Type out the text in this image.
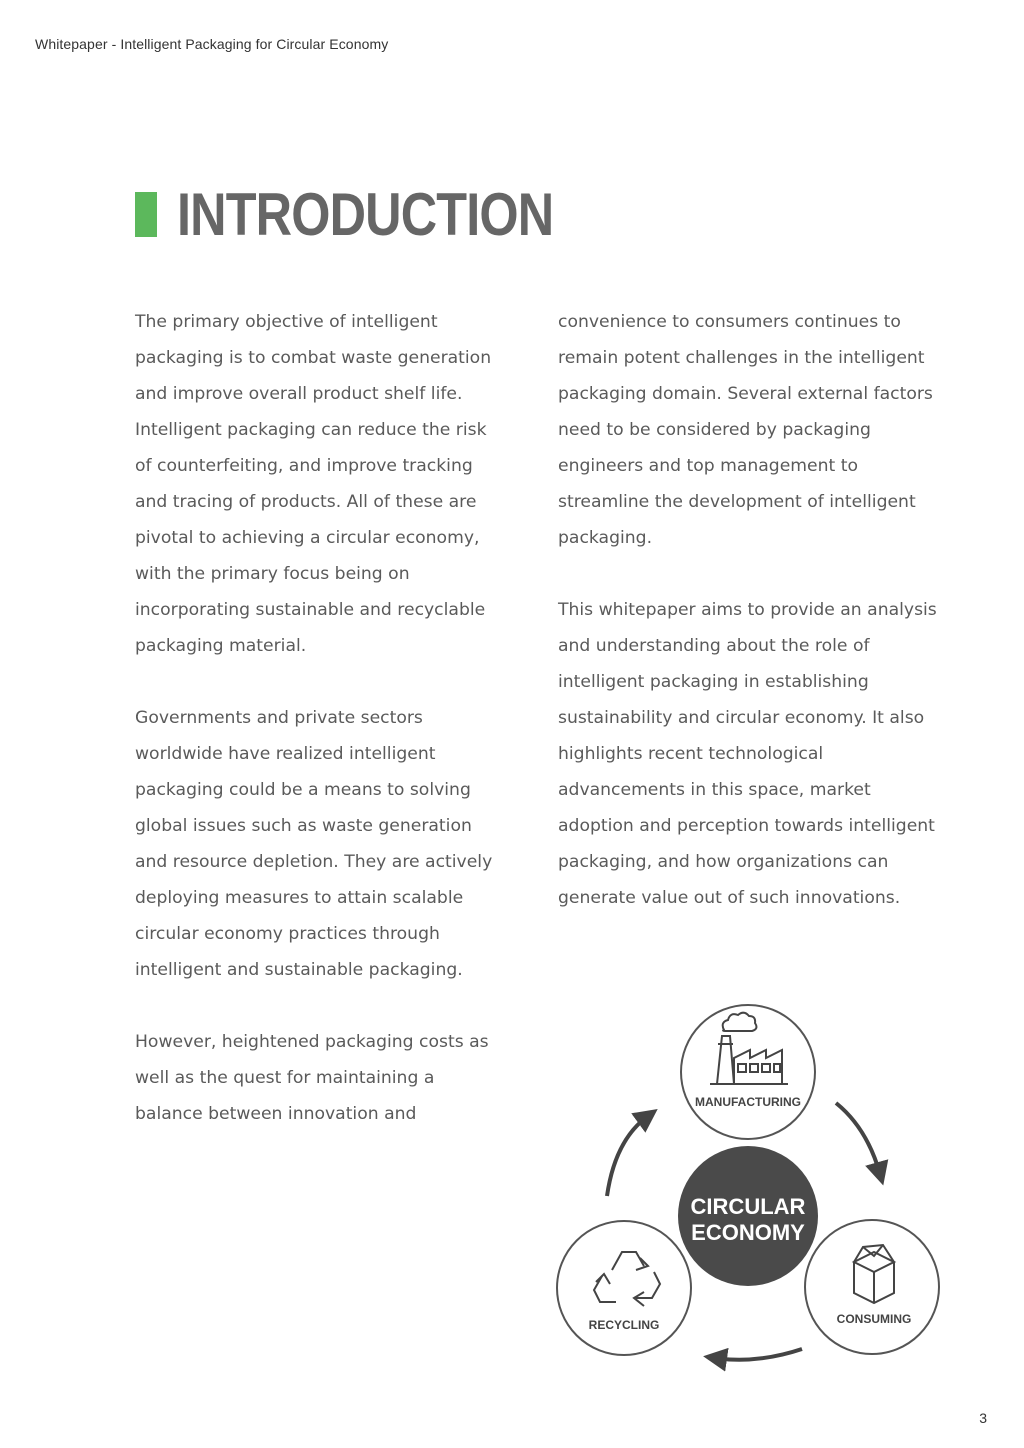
Whitepaper - Intelligent Packaging for Circular Economy
INTRODUCTION

The primary objective of intelligent packaging is to combat waste generation and improve overall product shelf life. Intelligent packaging can reduce the risk of counterfeiting, and improve tracking and tracing of products. All of these are pivotal to achieving a circular economy, with the primary focus being on incorporating sustainable and recyclable packaging material.

Governments and private sectors worldwide have realized intelligent packaging could be a means to solving global issues such as waste generation and resource depletion. They are actively deploying measures to attain scalable circular economy practices through intelligent and sustainable packaging.

However, heightened packaging costs as well as the quest for maintaining a balance between innovation and

convenience to consumers continues to remain potent challenges in the intelligent packaging domain. Several external factors need to be considered by packaging engineers and top management to streamline the development of intelligent packaging.

This whitepaper aims to provide an analysis and understanding about the role of intelligent packaging in establishing sustainability and circular economy. It also highlights recent technological advancements in this space, market adoption and perception towards intelligent packaging, and how organizations can generate value out of such innovations.

CIRCULAR
ECONOMY
MANUFACTURING
CONSUMING
RECYCLING
3
